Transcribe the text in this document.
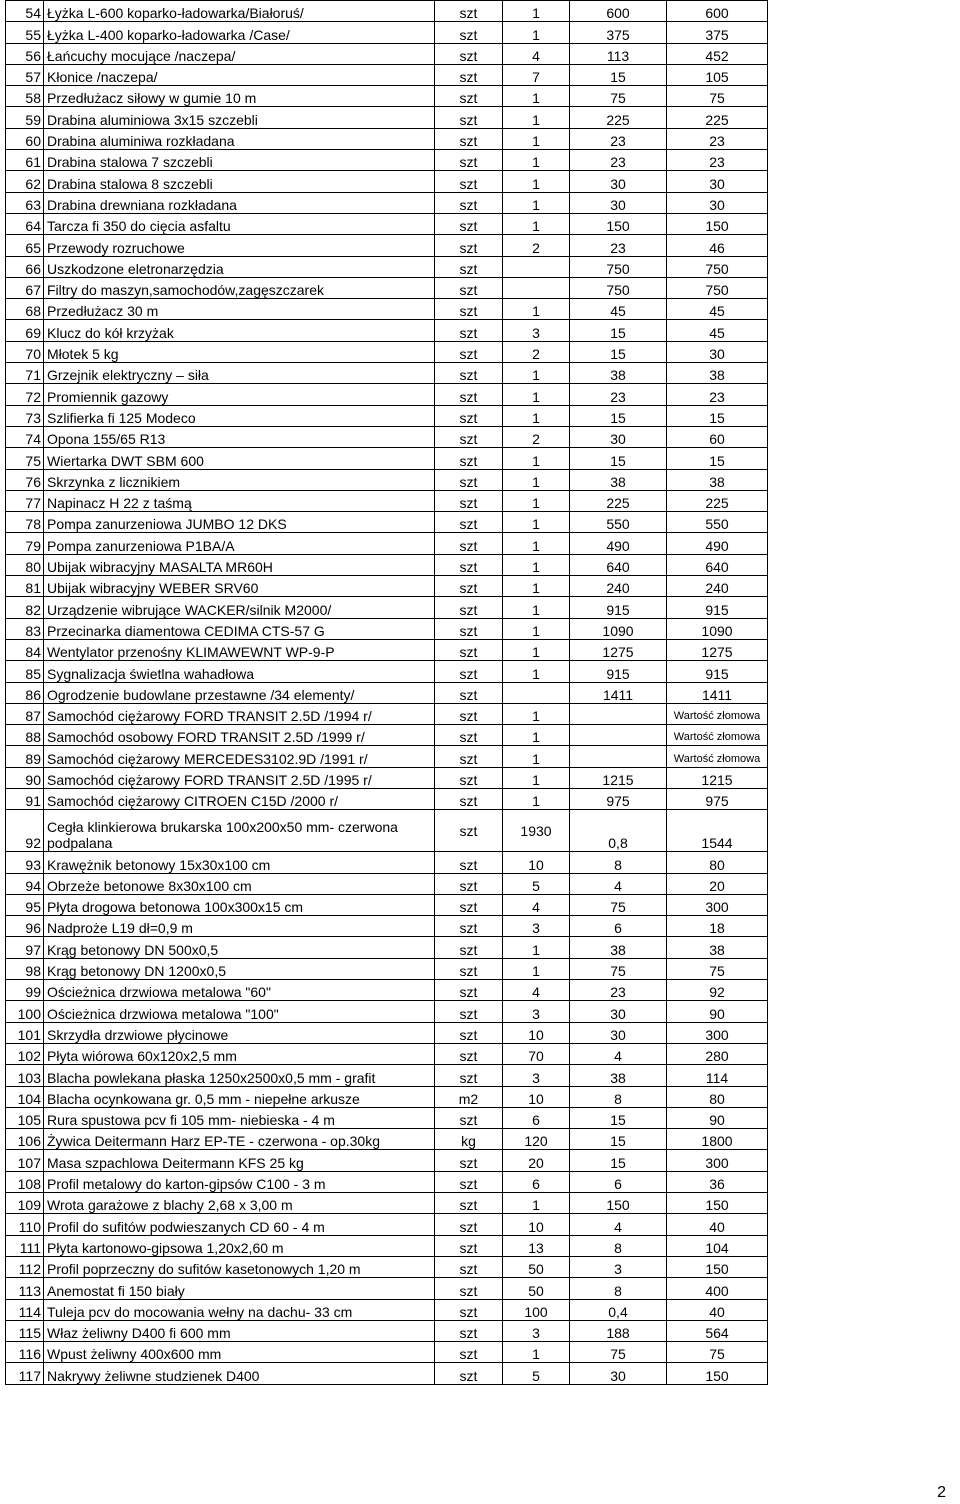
54	Łyżka L-600 koparko-ładowarka/Białoruś/	szt	1	600	600
55	Łyżka L-400 koparko-ładowarka /Case/	szt	1	375	375
56	Łańcuchy mocujące /naczepa/	szt	4	113	452
57	Kłonice /naczepa/	szt	7	15	105
58	Przedłużacz siłowy w gumie 10 m	szt	1	75	75
59	Drabina aluminiowa 3x15 szczebli	szt	1	225	225
60	Drabina aluminiwa rozkładana	szt	1	23	23
61	Drabina stalowa 7 szczebli	szt	1	23	23
62	Drabina stalowa 8 szczebli	szt	1	30	30
63	Drabina drewniana rozkładana	szt	1	30	30
64	Tarcza fi 350 do cięcia asfaltu	szt	1	150	150
65	Przewody rozruchowe	szt	2	23	46
66	Uszkodzone eletronarzędzia	szt		750	750
67	Filtry do maszyn,samochodów,zagęszczarek	szt		750	750
68	Przedłużacz 30 m	szt	1	45	45
69	Klucz do kół krzyżak	szt	3	15	45
70	Młotek 5 kg	szt	2	15	30
71	Grzejnik elektryczny – siła	szt	1	38	38
72	Promiennik gazowy	szt	1	23	23
73	Szlifierka fi 125 Modeco	szt	1	15	15
74	Opona 155/65 R13	szt	2	30	60
75	Wiertarka DWT SBM 600	szt	1	15	15
76	Skrzynka z licznikiem	szt	1	38	38
77	Napinacz H 22 z taśmą	szt	1	225	225
78	Pompa zanurzeniowa JUMBO 12 DKS	szt	1	550	550
79	Pompa zanurzeniowa P1BA/A	szt	1	490	490
80	Ubijak wibracyjny MASALTA MR60H	szt	1	640	640
81	Ubijak wibracyjny WEBER SRV60	szt	1	240	240
82	Urządzenie wibrujące WACKER/silnik M2000/	szt	1	915	915
83	Przecinarka diamentowa CEDIMA CTS-57 G	szt	1	1090	1090
84	Wentylator przenośny KLIMAWEWNT WP-9-P	szt	1	1275	1275
85	Sygnalizacja świetlna wahadłowa	szt	1	915	915
86	Ogrodzenie budowlane przestawne /34 elementy/	szt		1411	1411
87	Samochód ciężarowy FORD TRANSIT 2.5D /1994 r/	szt	1		Wartość złomowa
88	Samochód osobowy FORD TRANSIT 2.5D /1999 r/	szt	1		Wartość złomowa
89	Samochód ciężarowy MERCEDES3102.9D /1991 r/	szt	1		Wartość złomowa
90	Samochód ciężarowy FORD TRANSIT 2.5D /1995 r/	szt	1	1215	1215
91	Samochód ciężarowy CITROEN C15D /2000 r/	szt	1	975	975
92	Cegła klinkierowa brukarska 100x200x50 mm- czerwona podpalana	szt	1930	0,8	1544
93	Krawężnik betonowy 15x30x100 cm	szt	10	8	80
94	Obrzeże betonowe 8x30x100 cm	szt	5	4	20
95	Płyta drogowa betonowa 100x300x15 cm	szt	4	75	300
96	Nadproże L19 dł=0,9 m	szt	3	6	18
97	Krąg betonowy DN 500x0,5	szt	1	38	38
98	Krąg betonowy DN 1200x0,5	szt	1	75	75
99	Ościeżnica drzwiowa metalowa "60"	szt	4	23	92
100	Ościeżnica drzwiowa metalowa "100"	szt	3	30	90
101	Skrzydła drzwiowe płycinowe	szt	10	30	300
102	Płyta wiórowa 60x120x2,5 mm	szt	70	4	280
103	Blacha powlekana płaska 1250x2500x0,5 mm - grafit	szt	3	38	114
104	Blacha ocynkowana gr. 0,5 mm - niepełne arkusze	m2	10	8	80
105	Rura spustowa pcv fi 105 mm- niebieska - 4 m	szt	6	15	90
106	Żywica Deitermann Harz EP-TE - czerwona - op.30kg	kg	120	15	1800
107	Masa szpachlowa Deitermann KFS 25 kg	szt	20	15	300
108	Profil metalowy do karton-gipsów C100 - 3 m	szt	6	6	36
109	Wrota garażowe z blachy 2,68 x 3,00 m	szt	1	150	150
110	Profil do sufitów podwieszanych CD 60 - 4 m	szt	10	4	40
111	Płyta kartonowo-gipsowa 1,20x2,60 m	szt	13	8	104
112	Profil poprzeczny do sufitów kasetonowych 1,20 m	szt	50	3	150
113	Anemostat fi 150 biały	szt	50	8	400
114	Tuleja pcv do mocowania wełny na dachu- 33 cm	szt	100	0,4	40
115	Właz żeliwny D400 fi 600 mm	szt	3	188	564
116	Wpust żeliwny 400x600 mm	szt	1	75	75
117	Nakrywy żeliwne studzienek D400	szt	5	30	150
2
